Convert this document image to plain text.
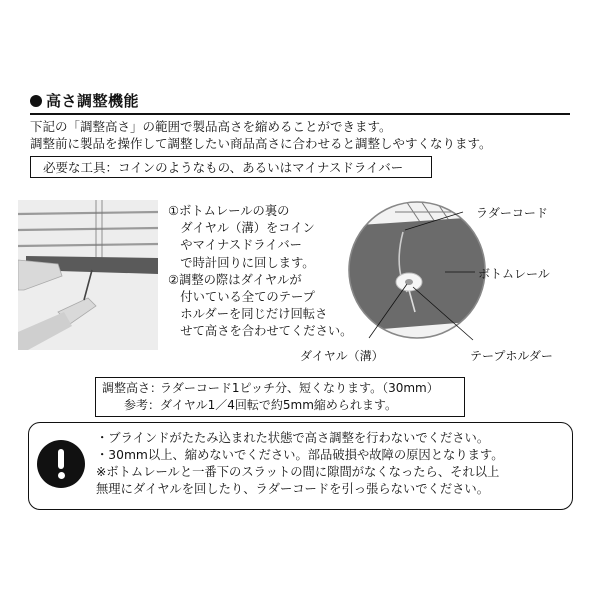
高さ調整機能
下記の「調整高さ」の範囲で製品高さを縮めることができます。
調整前に製品を操作して調整したい商品高さに合わせると調整しやすくなります。
必要な工具：コインのようなもの、あるいはマイナスドライバー
①ボトムレールの裏の
　ダイヤル（溝）をコイン
　やマイナスドライバー
　で時計回りに回します。
②調整の際はダイヤルが
　付いている全てのテープ
　ホルダーを同じだけ回転さ
　せて高さを合わせてください。
ラダーコード
ボトムレール
ダイヤル（溝）	テープホルダー
調整高さ：ラダーコード1ピッチ分、短くなります。（30mm）
参考：ダイヤル1／4回転で約5mm縮められます。
・ブラインドがたたみ込まれた状態で高さ調整を行わないでください。
・30mm以上、縮めないでください。部品破損や故障の原因となります。
※ボトムレールと一番下のスラットの間に隙間がなくなったら、それ以上
無理にダイヤルを回したり、ラダーコードを引っ張らないでください。
